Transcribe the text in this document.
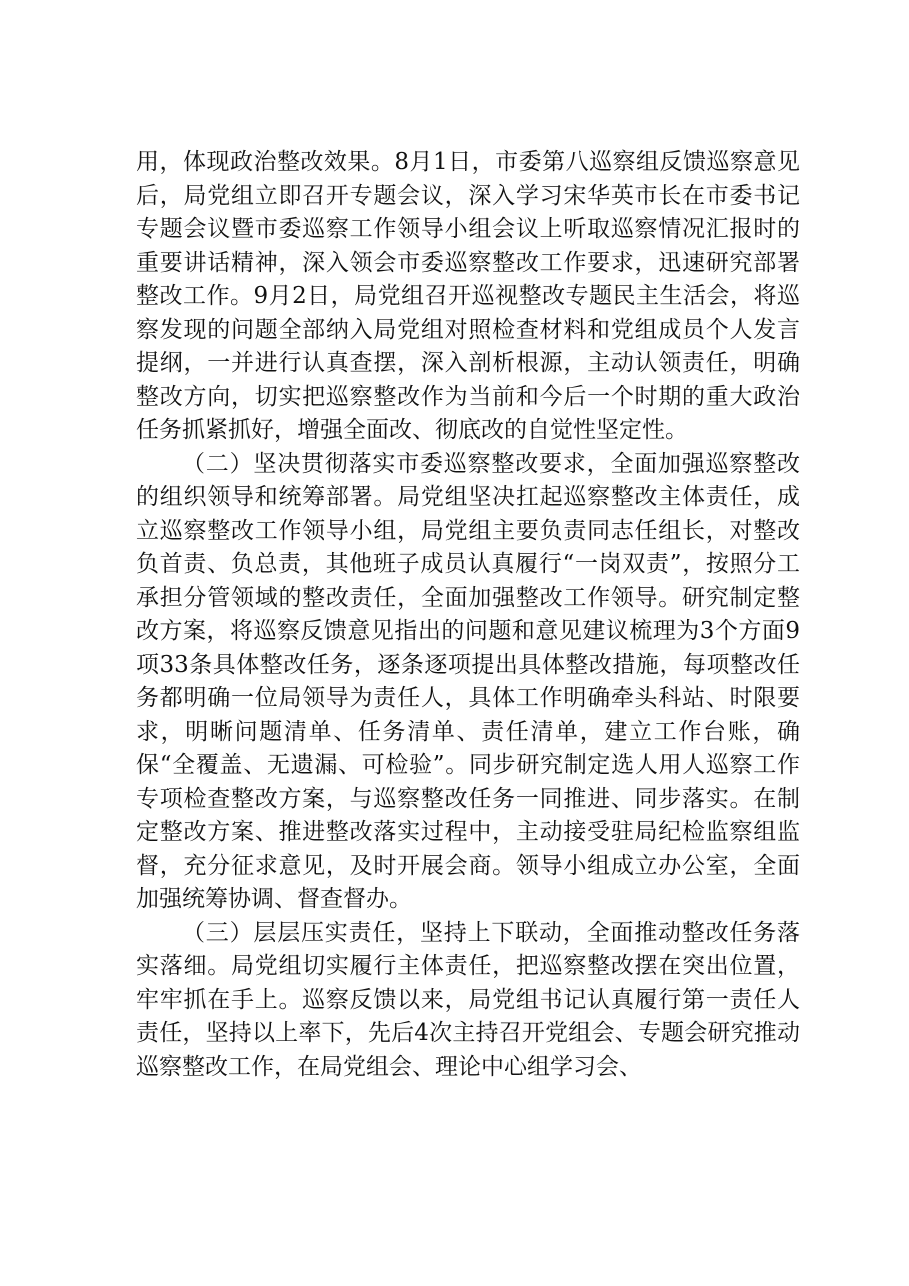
用，体现政治整改效果。8月1日，市委第八巡察组反馈巡察意见后，局党组立即召开专题会议，深入学习宋华英市长在市委书记专题会议暨市委巡察工作领导小组会议上听取巡察情况汇报时的重要讲话精神，深入领会市委巡察整改工作要求，迅速研究部署整改工作。9月2日，局党组召开巡视整改专题民主生活会，将巡察发现的问题全部纳入局党组对照检查材料和党组成员个人发言提纲，一并进行认真查摆，深入剖析根源，主动认领责任，明确整改方向，切实把巡察整改作为当前和今后一个时期的重大政治任务抓紧抓好，增强全面改、彻底改的自觉性坚定性。

（二）坚决贯彻落实市委巡察整改要求，全面加强巡察整改的组织领导和统筹部署。局党组坚决扛起巡察整改主体责任，成立巡察整改工作领导小组，局党组主要负责同志任组长，对整改负首责、负总责，其他班子成员认真履行“一岗双责”，按照分工承担分管领域的整改责任，全面加强整改工作领导。研究制定整改方案，将巡察反馈意见指出的问题和意见建议梳理为3个方面9项33条具体整改任务，逐条逐项提出具体整改措施，每项整改任务都明确一位局领导为责任人，具体工作明确牵头科站、时限要求，明晰问题清单、任务清单、责任清单，建立工作台账，确保“全覆盖、无遗漏、可检验”。同步研究制定选人用人巡察工作专项检查整改方案，与巡察整改任务一同推进、同步落实。在制定整改方案、推进整改落实过程中，主动接受驻局纪检监察组监督，充分征求意见，及时开展会商。领导小组成立办公室，全面加强统筹协调、督查督办。

（三）层层压实责任，坚持上下联动，全面推动整改任务落实落细。局党组切实履行主体责任，把巡察整改摆在突出位置，牢牢抓在手上。巡察反馈以来，局党组书记认真履行第一责任人责任，坚持以上率下，先后4次主持召开党组会、专题会研究推动巡察整改工作，在局党组会、理论中心组学习会、
